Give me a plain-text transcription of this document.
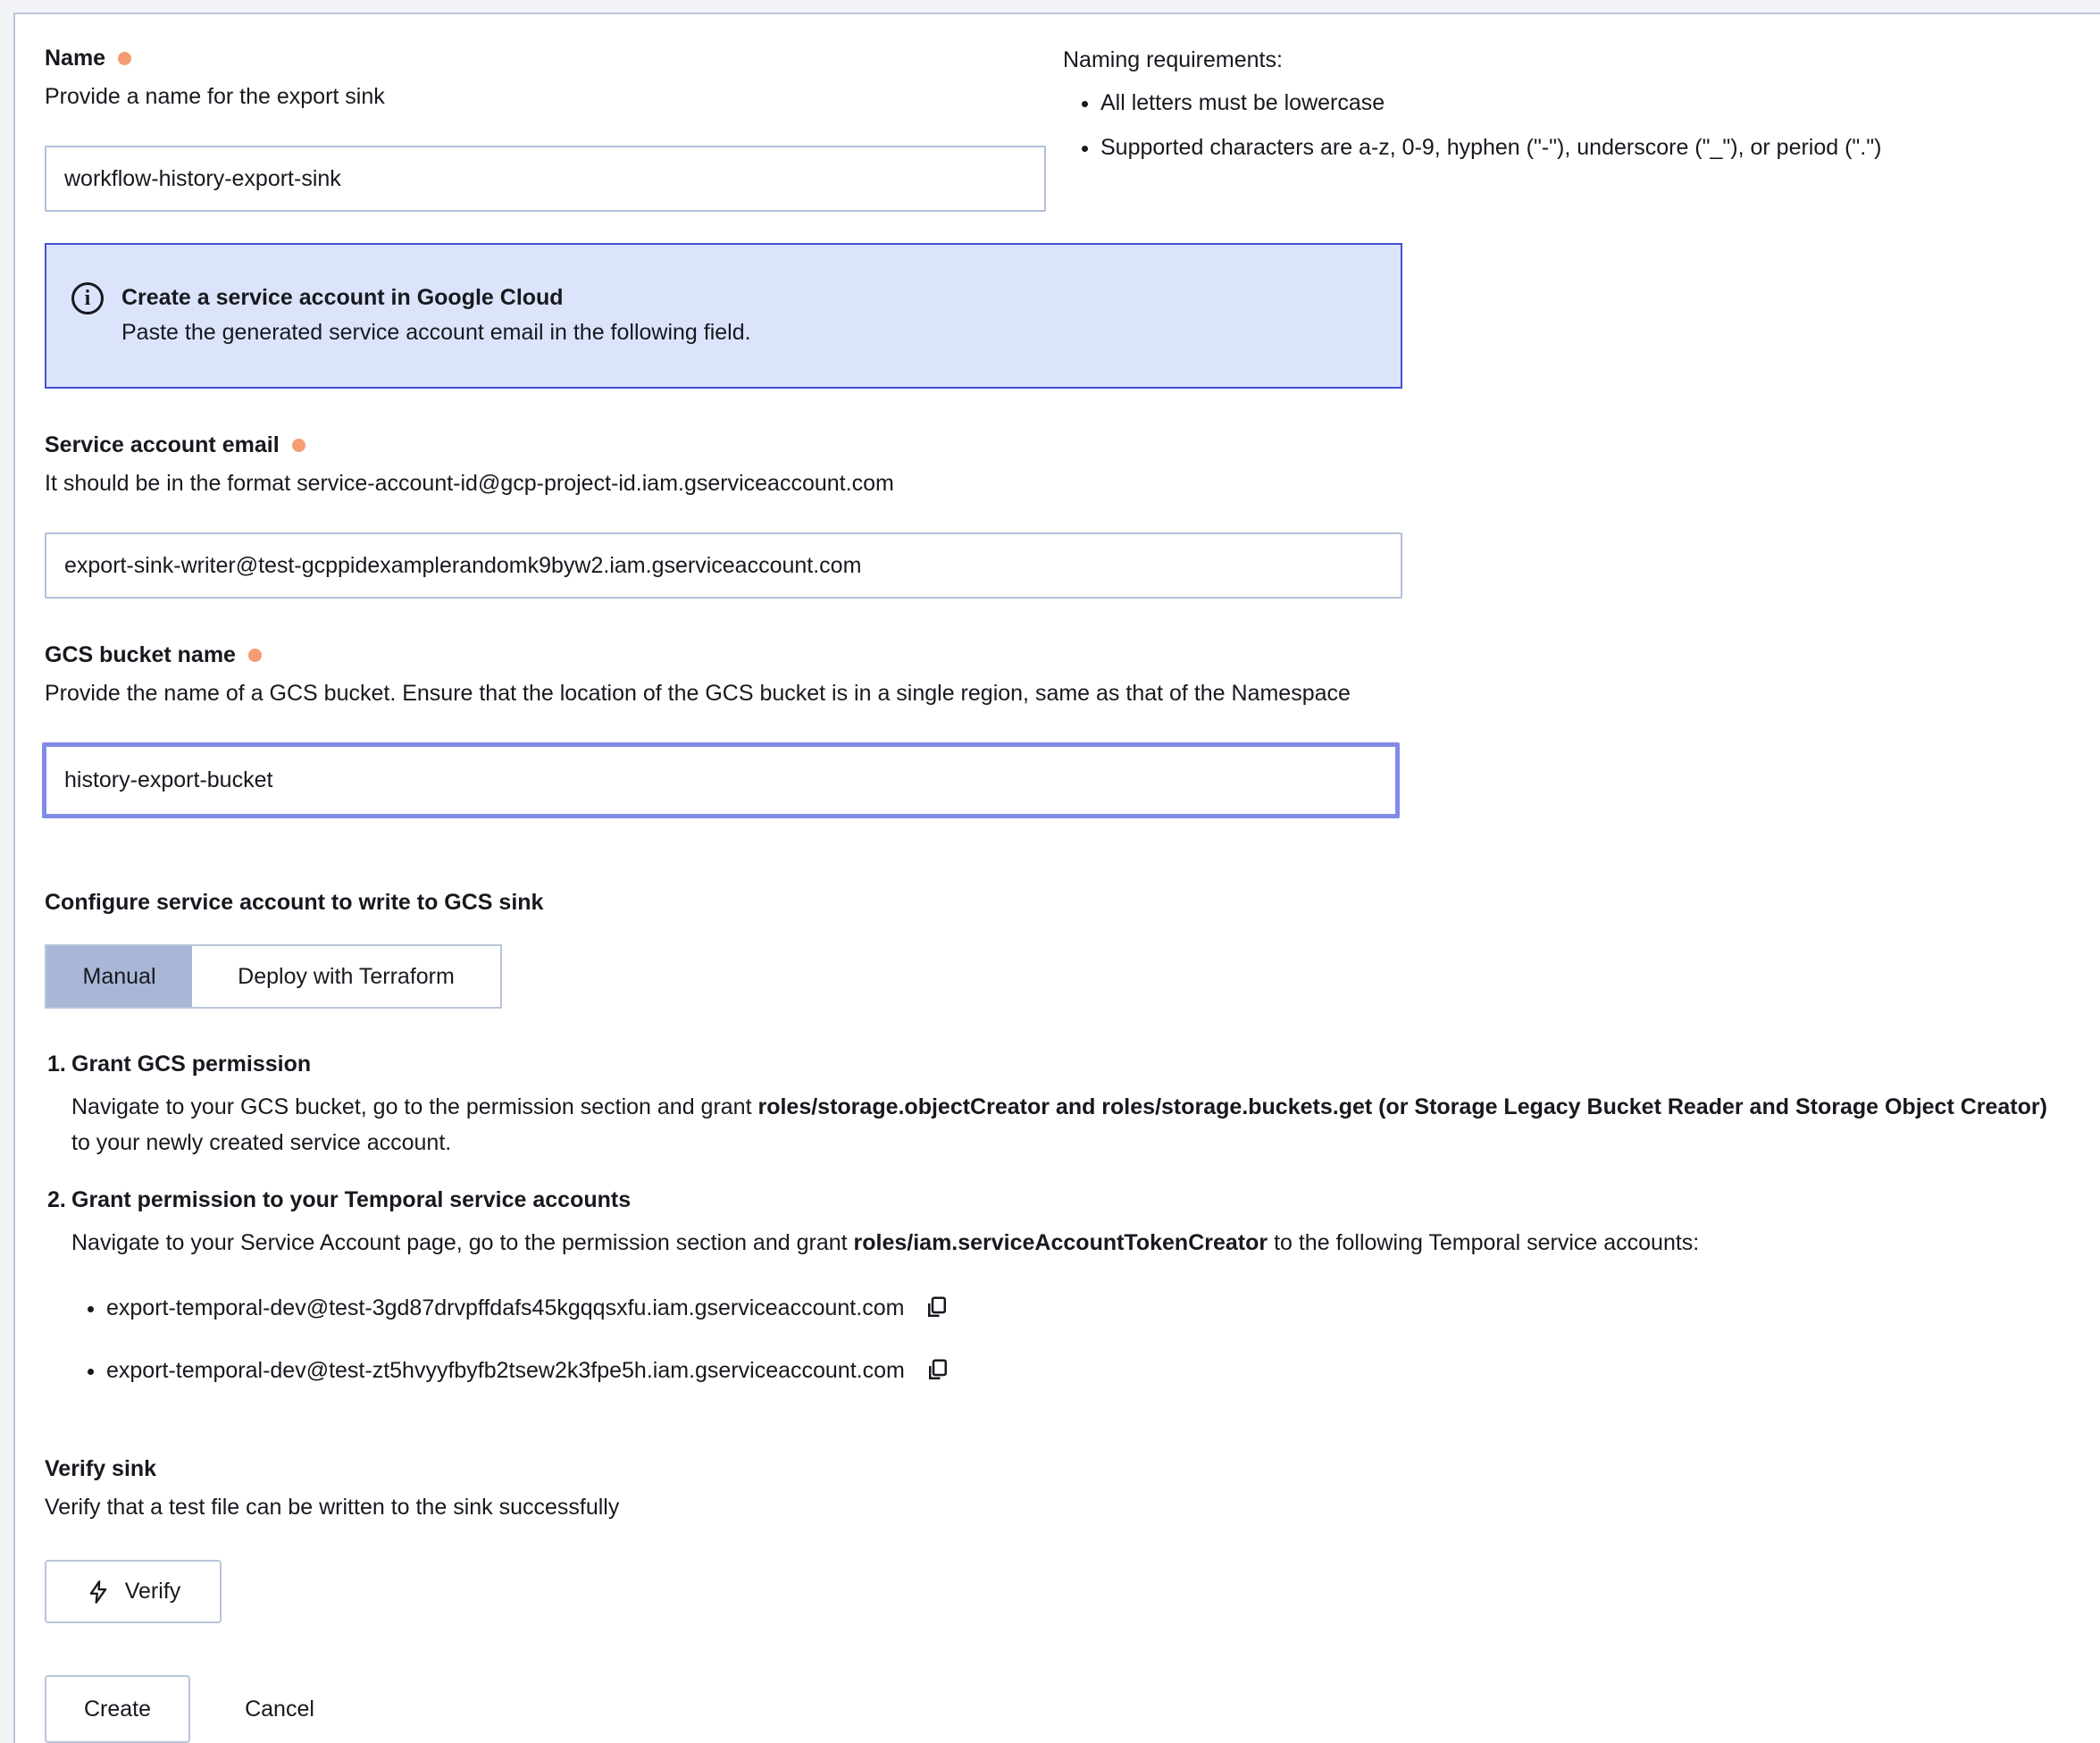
Name
Provide a name for the export sink
workflow-history-export-sink
Naming requirements:
• All letters must be lowercase
• Supported characters are a-z, 0-9, hyphen ("-"), underscore ("_"), or period (".")
i	Create a service account in Google Cloud
Paste the generated service account email in the following field.
Service account email
It should be in the format service-account-id@gcp-project-id.iam.gserviceaccount.com
export-sink-writer@test-gcppidexamplerandomk9byw2.iam.gserviceaccount.com
GCS bucket name
Provide the name of a GCS bucket. Ensure that the location of the GCS bucket is in a single region, same as that of the Namespace
history-export-bucket
Configure service account to write to GCS sink
Manual	Deploy with Terraform
1. Grant GCS permission
Navigate to your GCS bucket, go to the permission section and grant roles/storage.objectCreator and roles/storage.buckets.get (or Storage Legacy Bucket Reader and Storage Object Creator) to your newly created service account.
2. Grant permission to your Temporal service accounts
Navigate to your Service Account page, go to the permission section and grant roles/iam.serviceAccountTokenCreator to the following Temporal service accounts:
• export-temporal-dev@test-3gd87drvpffdafs45kgqqsxfu.iam.gserviceaccount.com
• export-temporal-dev@test-zt5hvyyfbyfb2tsew2k3fpe5h.iam.gserviceaccount.com
Verify sink
Verify that a test file can be written to the sink successfully
Verify
Create	Cancel
